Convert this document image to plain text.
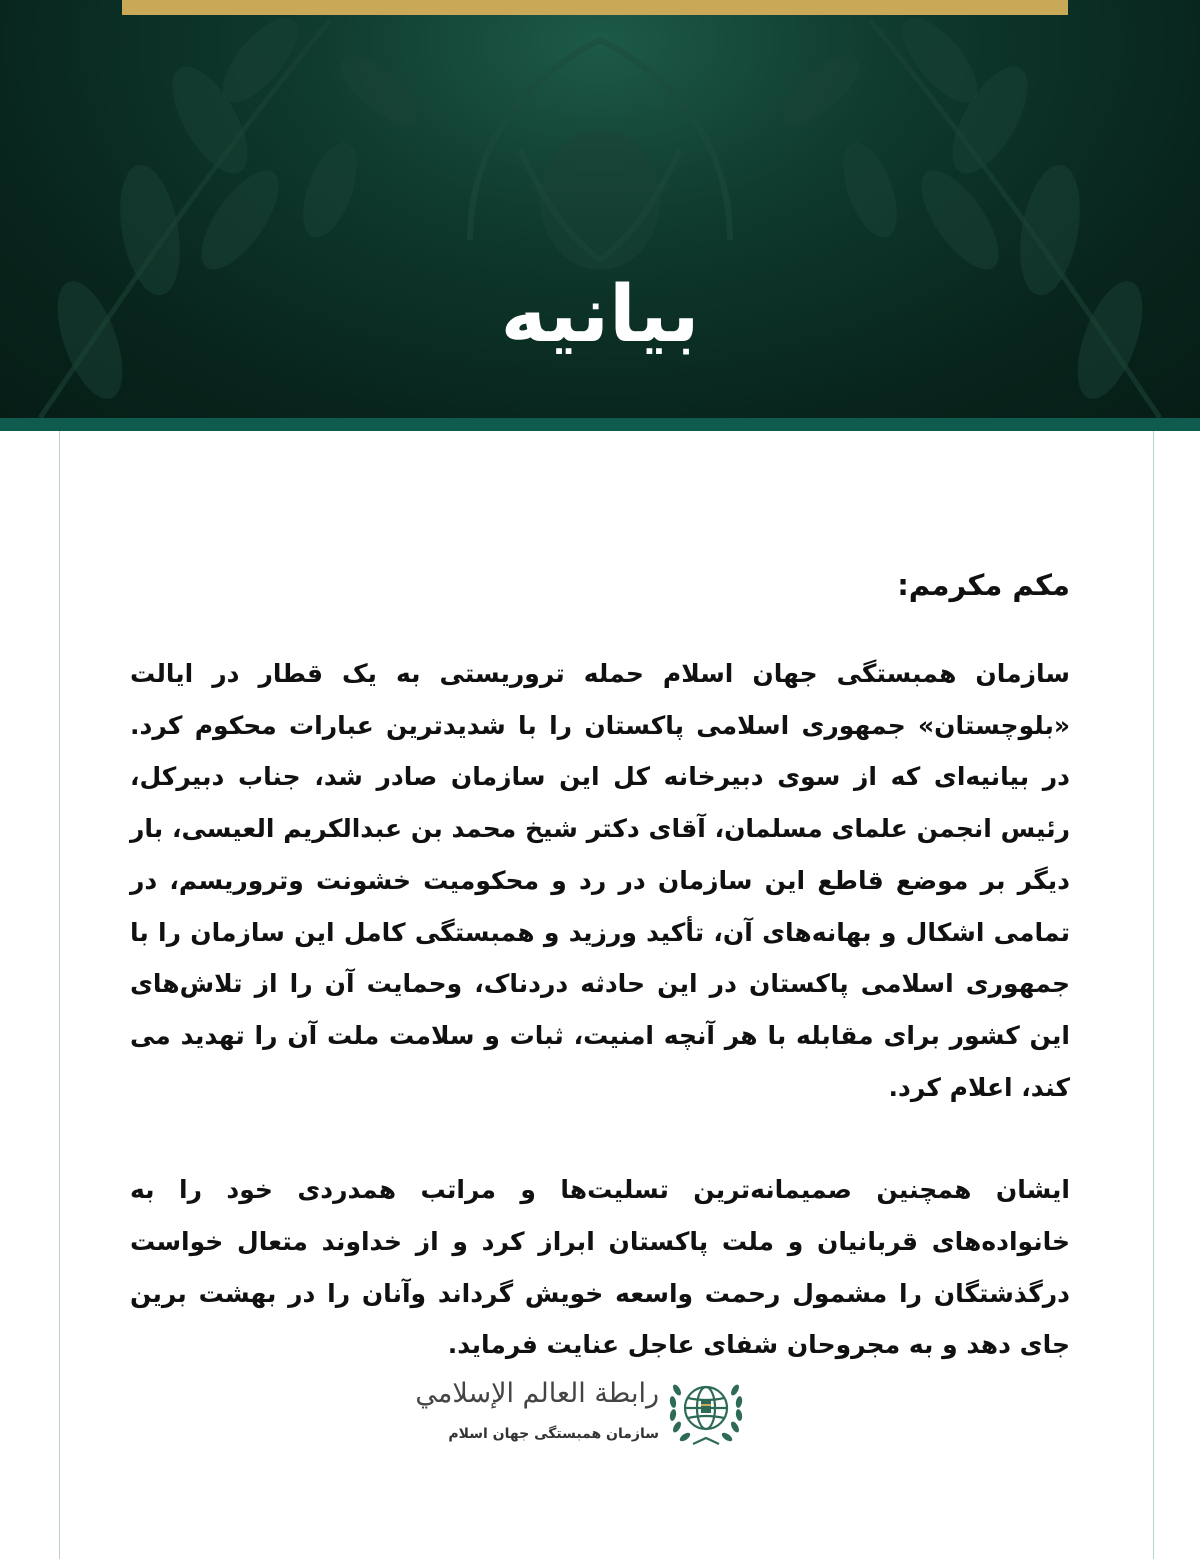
بیانیه

مکم مکرمم:

سازمان همبستگی جهان اسلام حمله تروریستی به یک قطار در ایالت «بلوچستان» جمهوری اسلامی پاکستان را با شدیدترین عبارات محکوم کرد. در بیانیه‌ای که از سوی دبیرخانه کل این سازمان صادر شد، جناب دبیرکل، رئیس انجمن علمای مسلمان، آقای دکتر شیخ محمد بن عبدالکریم العیسی، بار دیگر بر موضع قاطع این سازمان در رد و محکومیت خشونت وتروریسم، در تمامی اشکال و بهانه‌های آن، تأکید ورزید و همبستگی کامل این سازمان را با جمهوری اسلامی پاکستان در این حادثه دردناک، وحمایت آن را از تلاش‌های این کشور برای مقابله با هر آنچه امنیت، ثبات و سلامت ملت آن را تهدید می کند، اعلام کرد.

ایشان همچنین صمیمانه‌ترین تسلیت‌ها و مراتب همدردی خود را به خانواده‌های قربانیان و ملت پاکستان ابراز کرد و از خداوند متعال خواست درگذشتگان را مشمول رحمت واسعه خویش گرداند وآنان را در بهشت برین جای دهد و به مجروحان شفای عاجل عنایت فرماید.

رابطة العالم الإسلامي
سازمان همبستگی جهان اسلام
